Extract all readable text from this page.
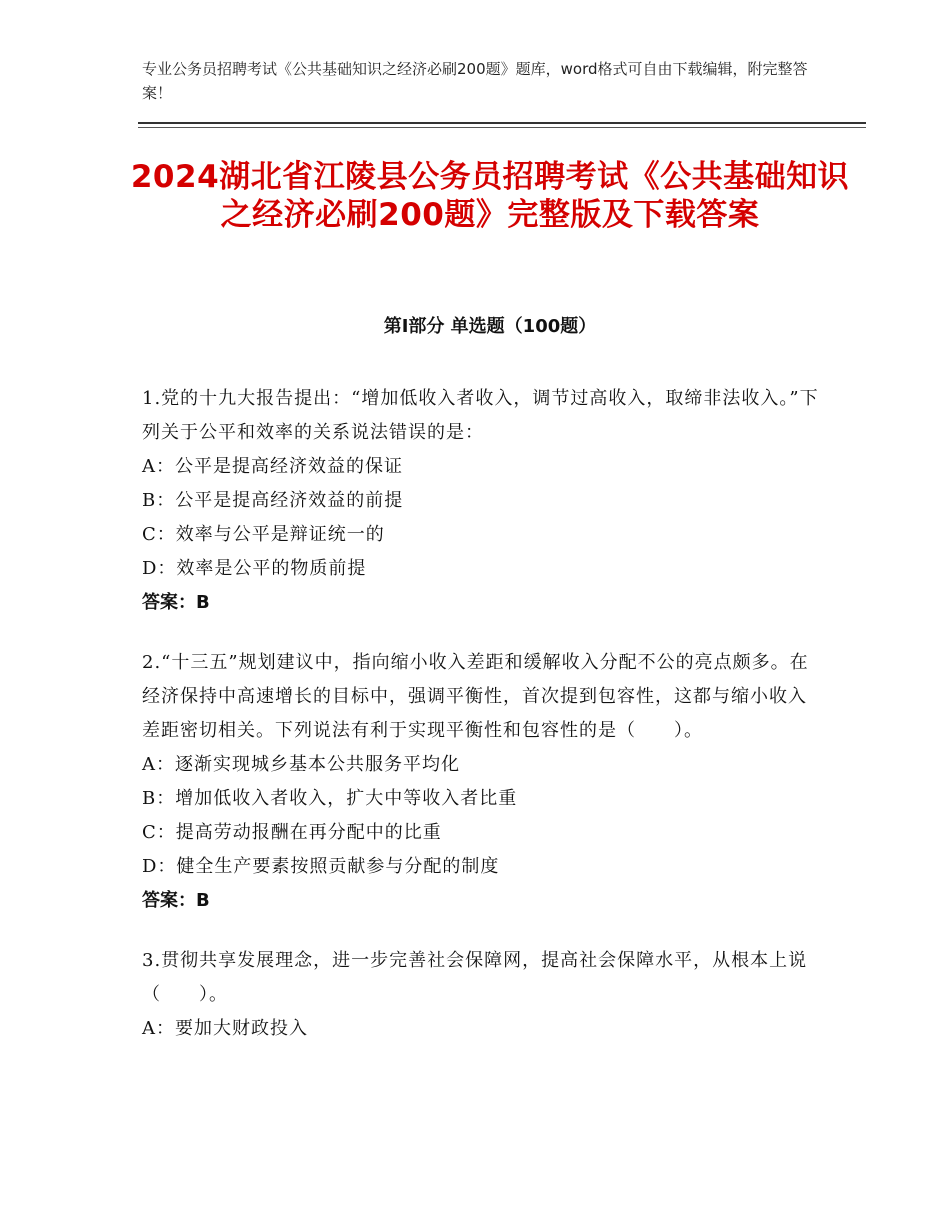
专业公务员招聘考试《公共基础知识之经济必刷200题》题库，word格式可自由下载编辑，附完整答案！
2024湖北省江陵县公务员招聘考试《公共基础知识之经济必刷200题》完整版及下载答案
第I部分 单选题（100题）
1.党的十九大报告提出：“增加低收入者收入，调节过高收入，取缔非法收入。”下列关于公平和效率的关系说法错误的是：
A：公平是提高经济效益的保证
B：公平是提高经济效益的前提
C：效率与公平是辩证统一的
D：效率是公平的物质前提
答案：B
2.“十三五”规划建议中，指向缩小收入差距和缓解收入分配不公的亮点颇多。在经济保持中高速增长的目标中，强调平衡性，首次提到包容性，这都与缩小收入差距密切相关。下列说法有利于实现平衡性和包容性的是（　　）。
A：逐渐实现城乡基本公共服务平均化
B：增加低收入者收入，扩大中等收入者比重
C：提高劳动报酬在再分配中的比重
D：健全生产要素按照贡献参与分配的制度
答案：B
3.贯彻共享发展理念，进一步完善社会保障网，提高社会保障水平，从根本上说（　　）。
A：要加大财政投入
